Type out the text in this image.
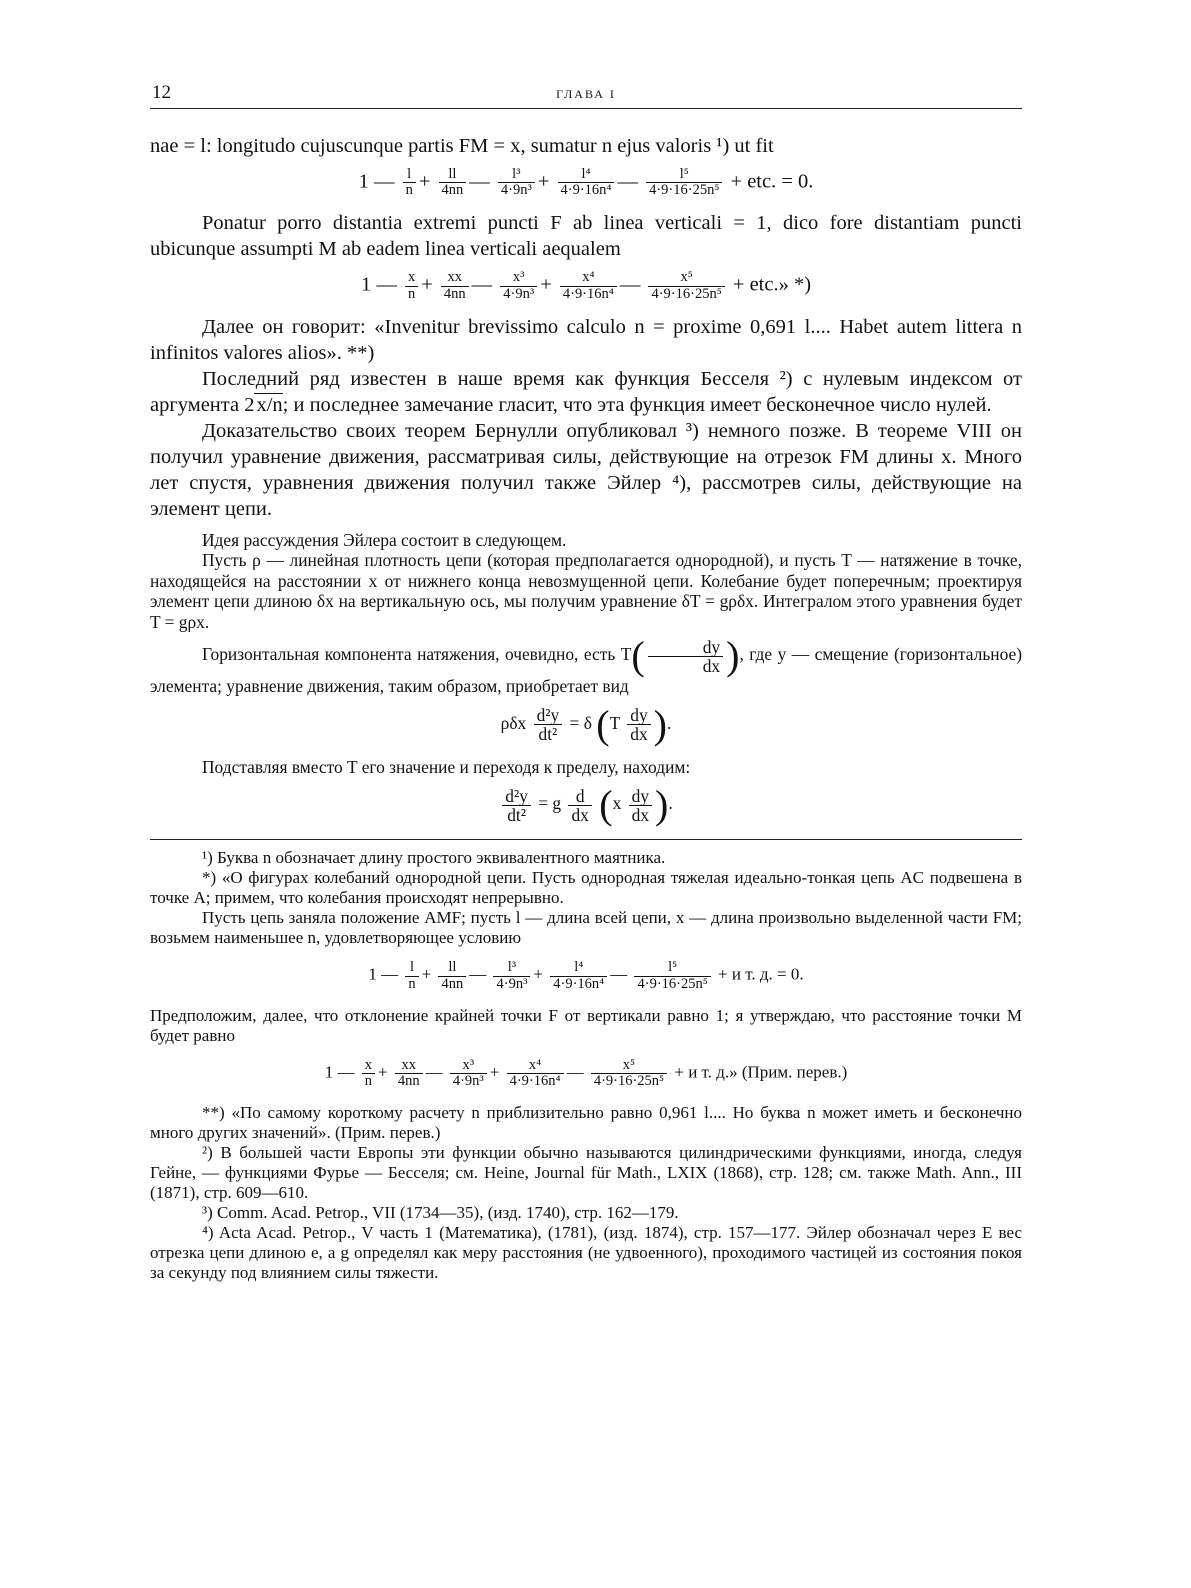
12	ГЛАВА I

nae = l: longitudo cujuscunque partis FM = x, sumatur n ejus valoris ¹) ut fit

1 — $\frac{l}{n} + \frac{ll}{4nn}$ — $\frac{\text{l³}}{\text{4·9n³}} + \frac{\text{l⁴}}{\text{4·9·16n⁴}}$ — $\frac{\text{l⁵}}{\text{4·9·16·25n⁵}}$ + etc. = 0.

Ponatur porro distantia extremi puncti F ab linea verticali = 1, dico fore distantiam puncti ubicunque assumpti M ab eadem linea verticali aequalem

1 — $\frac{x}{n} + \frac{xx}{4nn}$ — $\frac{\text{x³}}{\text{4·9n³}} + \frac{\text{x⁴}}{\text{4·9·16n⁴}}$ — $\frac{\text{x⁵}}{\text{4·9·16·25n⁵}}$ + etc.» *)

Далее он говорит: «Invenitur brevissimo calculo n = proxime 0,691 l.... Habet autem littera n infinitos valores alios». **)

Последний ряд известен в наше время как функция Бесселя ²) с нулевым индексом от аргумента 2x/n; и последнее замечание гласит, что эта функция имеет бесконечное число нулей.

Доказательство своих теорем Бернулли опубликовал ³) немного позже. В теореме VIII он получил уравнение движения, рассматривая силы, действующие на отрезок FM длины x. Много лет спустя, уравнения движения получил также Эйлер ⁴), рассмотрев силы, действующие на элемент цепи.

Идея рассуждения Эйлера состоит в следующем.

Пусть ρ — линейная плотность цепи (которая предполагается однородной), и пусть T — натяжение в точке, находящейся на расстоянии x от нижнего конца невозмущенной цепи. Колебание будет поперечным; проектируя элемент цепи длиною δx на вертикальную ось, мы получим уравнение δT = gρδx. Интегралом этого уравнения будет T = gρx.

Горизонтальная компонента натяжения, очевидно, есть $T( \frac{dy}{dx}$ ), где y — смещение (горизонтальное) элемента; уравнение движения, таким образом, приобретает вид

ρδx $\frac{\text{d²y}}{\text{dt²}} = \delta$ ($T \frac{dy}{dx}$ ).

Подставляя вместо T его значение и переходя к пределу, находим:

$\frac{\text{d²y}}{\text{dt²}} = g \frac{d}{dx} (x \frac{dy}{dx}$ ).

¹) Буква n обозначает длину простого эквивалентного маятника.

*) «О фигурах колебаний однородной цепи. Пусть однородная тяжелая идеально-тонкая цепь AC подвешена в точке A; примем, что колебания происходят непрерывно.

Пусть цепь заняла положение AMF; пусть l — длина всей цепи, x — длина произвольно выделенной части FM; возьмем наименьшее n, удовлетворяющее условию

1 — $\frac{l}{n} + \frac{ll}{4nn}$ — $\frac{\text{l³}}{\text{4·9n³}} + \frac{\text{l⁴}}{\text{4·9·16n⁴}}$ — $\frac{\text{l⁵}}{\text{4·9·16·25n⁵}} + и$ т. д. = 0.

Предположим, далее, что отклонение крайней точки F от вертикали равно 1; я утверждаю, что расстояние точки M будет равно

1 — $\frac{x}{n} + \frac{xx}{4nn}$ — $\frac{\text{x³}}{\text{4·9n³}} + \frac{\text{x⁴}}{\text{4·9·16n⁴}}$ — $\frac{\text{x⁵}}{\text{4·9·16·25n⁵}} + и$ т. д.» (Прим. перев.)

**) «По самому короткому расчету n приблизительно равно 0,961 l.... Но буква n может иметь и бесконечно много других значений». (Прим. перев.)

²) В большей части Европы эти функции обычно называются цилиндрическими функциями, иногда, следуя Гейне, — функциями Фурье — Бесселя; см. Heine, Journal für Math., LXIX (1868), стр. 128; см. также Math. Ann., III (1871), стр. 609—610.

³) Comm. Acad. Petrop., VII (1734—35), (изд. 1740), стр. 162—179.

⁴) Acta Acad. Petrop., V часть 1 (Математика), (1781), (изд. 1874), стр. 157—177. Эйлер обозначал через E вес отрезка цепи длиною e, а g определял как меру расстояния (не удвоенного), проходимого частицей из состояния покоя за секунду под влиянием силы тяжести.
